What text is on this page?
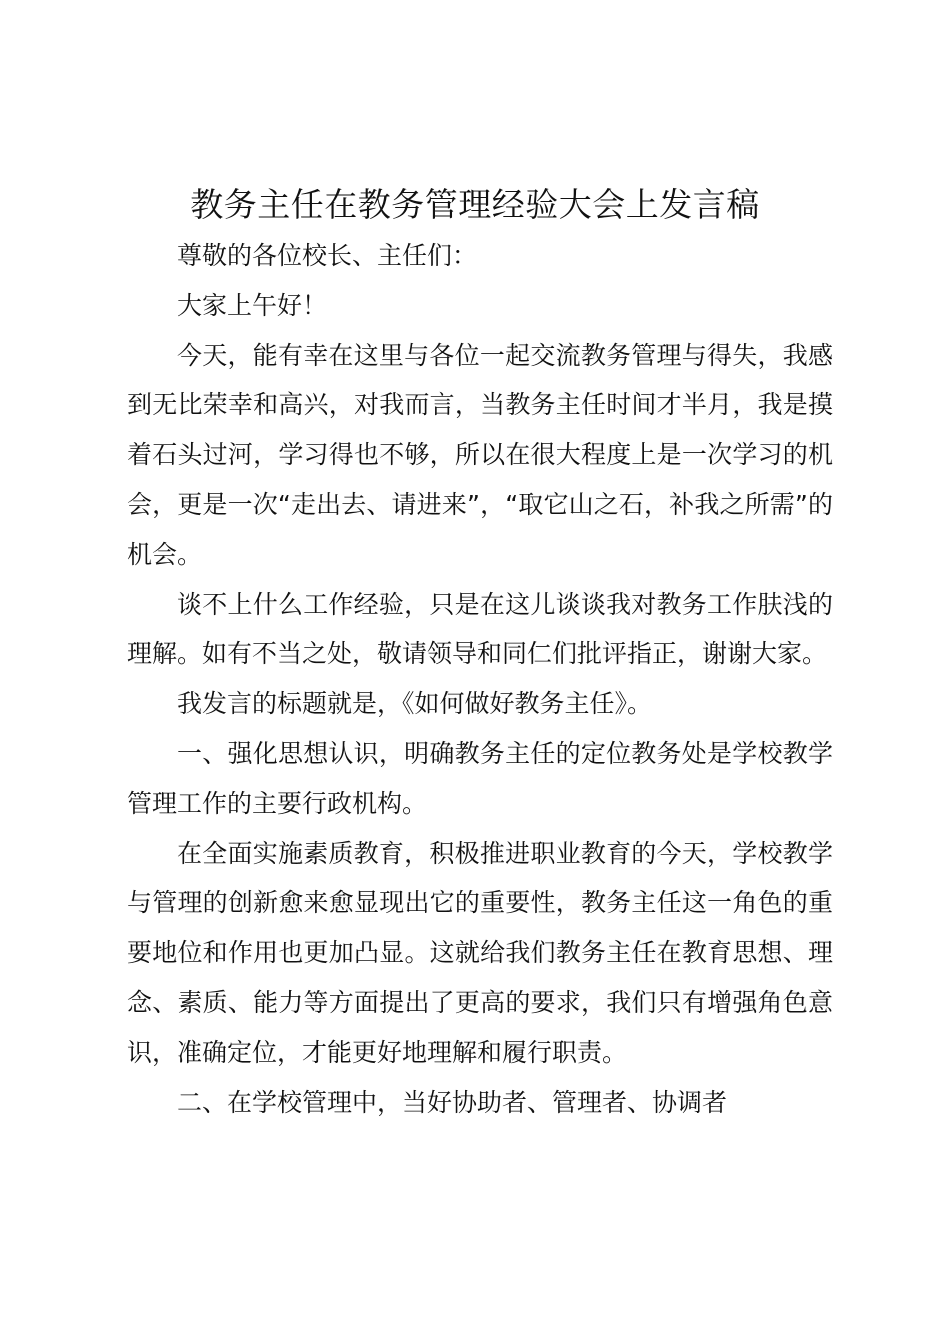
教务主任在教务管理经验大会上发言稿

尊敬的各位校长、主任们：

大家上午好！

今天，能有幸在这里与各位一起交流教务管理与得失，我感到无比荣幸和高兴，对我而言，当教务主任时间才半月，我是摸着石头过河，学习得也不够，所以在很大程度上是一次学习的机会，更是一次“走出去、请进来”，“取它山之石，补我之所需”的机会。

谈不上什么工作经验，只是在这儿谈谈我对教务工作肤浅的理解。如有不当之处，敬请领导和同仁们批评指正，谢谢大家。

我发言的标题就是，《如何做好教务主任》。

一、强化思想认识，明确教务主任的定位教务处是学校教学管理工作的主要行政机构。

在全面实施素质教育，积极推进职业教育的今天，学校教学与管理的创新愈来愈显现出它的重要性，教务主任这一角色的重要地位和作用也更加凸显。这就给我们教务主任在教育思想、理念、素质、能力等方面提出了更高的要求，我们只有增强角色意识，准确定位，才能更好地理解和履行职责。

二、在学校管理中，当好协助者、管理者、协调者
